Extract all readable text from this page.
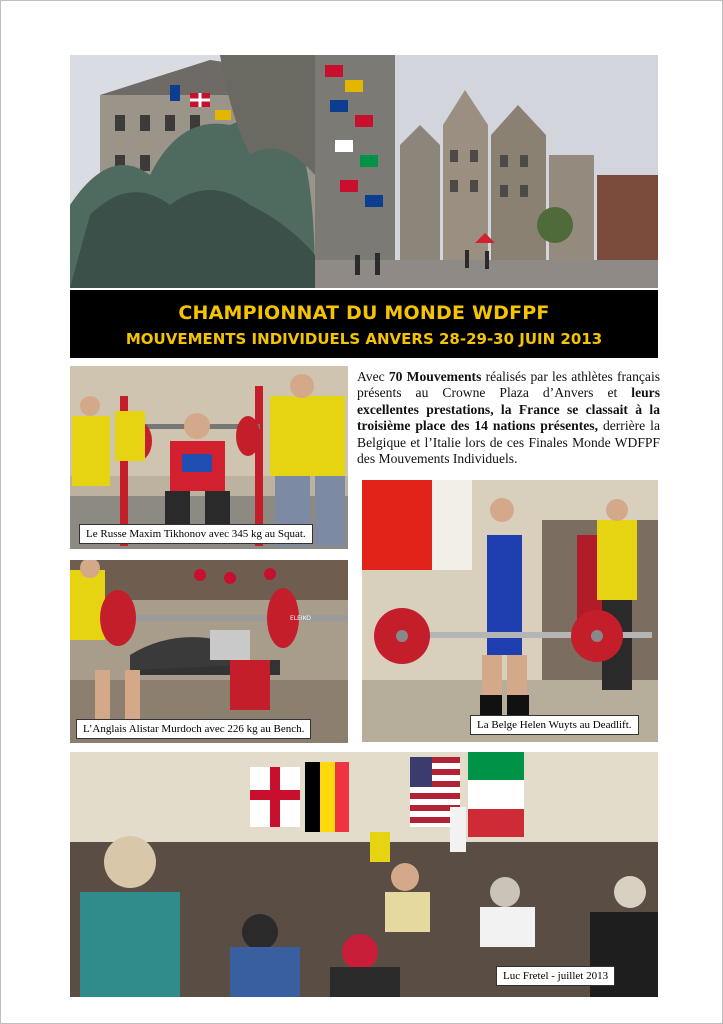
CHAMPIONNAT DU MONDE WDFPF
MOUVEMENTS INDIVIDUELS ANVERS 28-29-30 JUIN 2013
Le Russe Maxim Tikhonov avec 345 kg au Squat.
ELEIKO
L’Anglais Alistar Murdoch avec 226 kg au Bench.
Avec 70 Mouvements réalisés par les athlètes français présents au Crowne Plaza d’Anvers et leurs excellentes prestations, la France se classait à la troisième place des 14 nations présentes, derrière la Belgique et l’Italie lors de ces Finales Monde WDFPF des Mouvements Individuels.
La Belge Helen Wuyts au Deadlift.
Luc Fretel - juillet 2013
